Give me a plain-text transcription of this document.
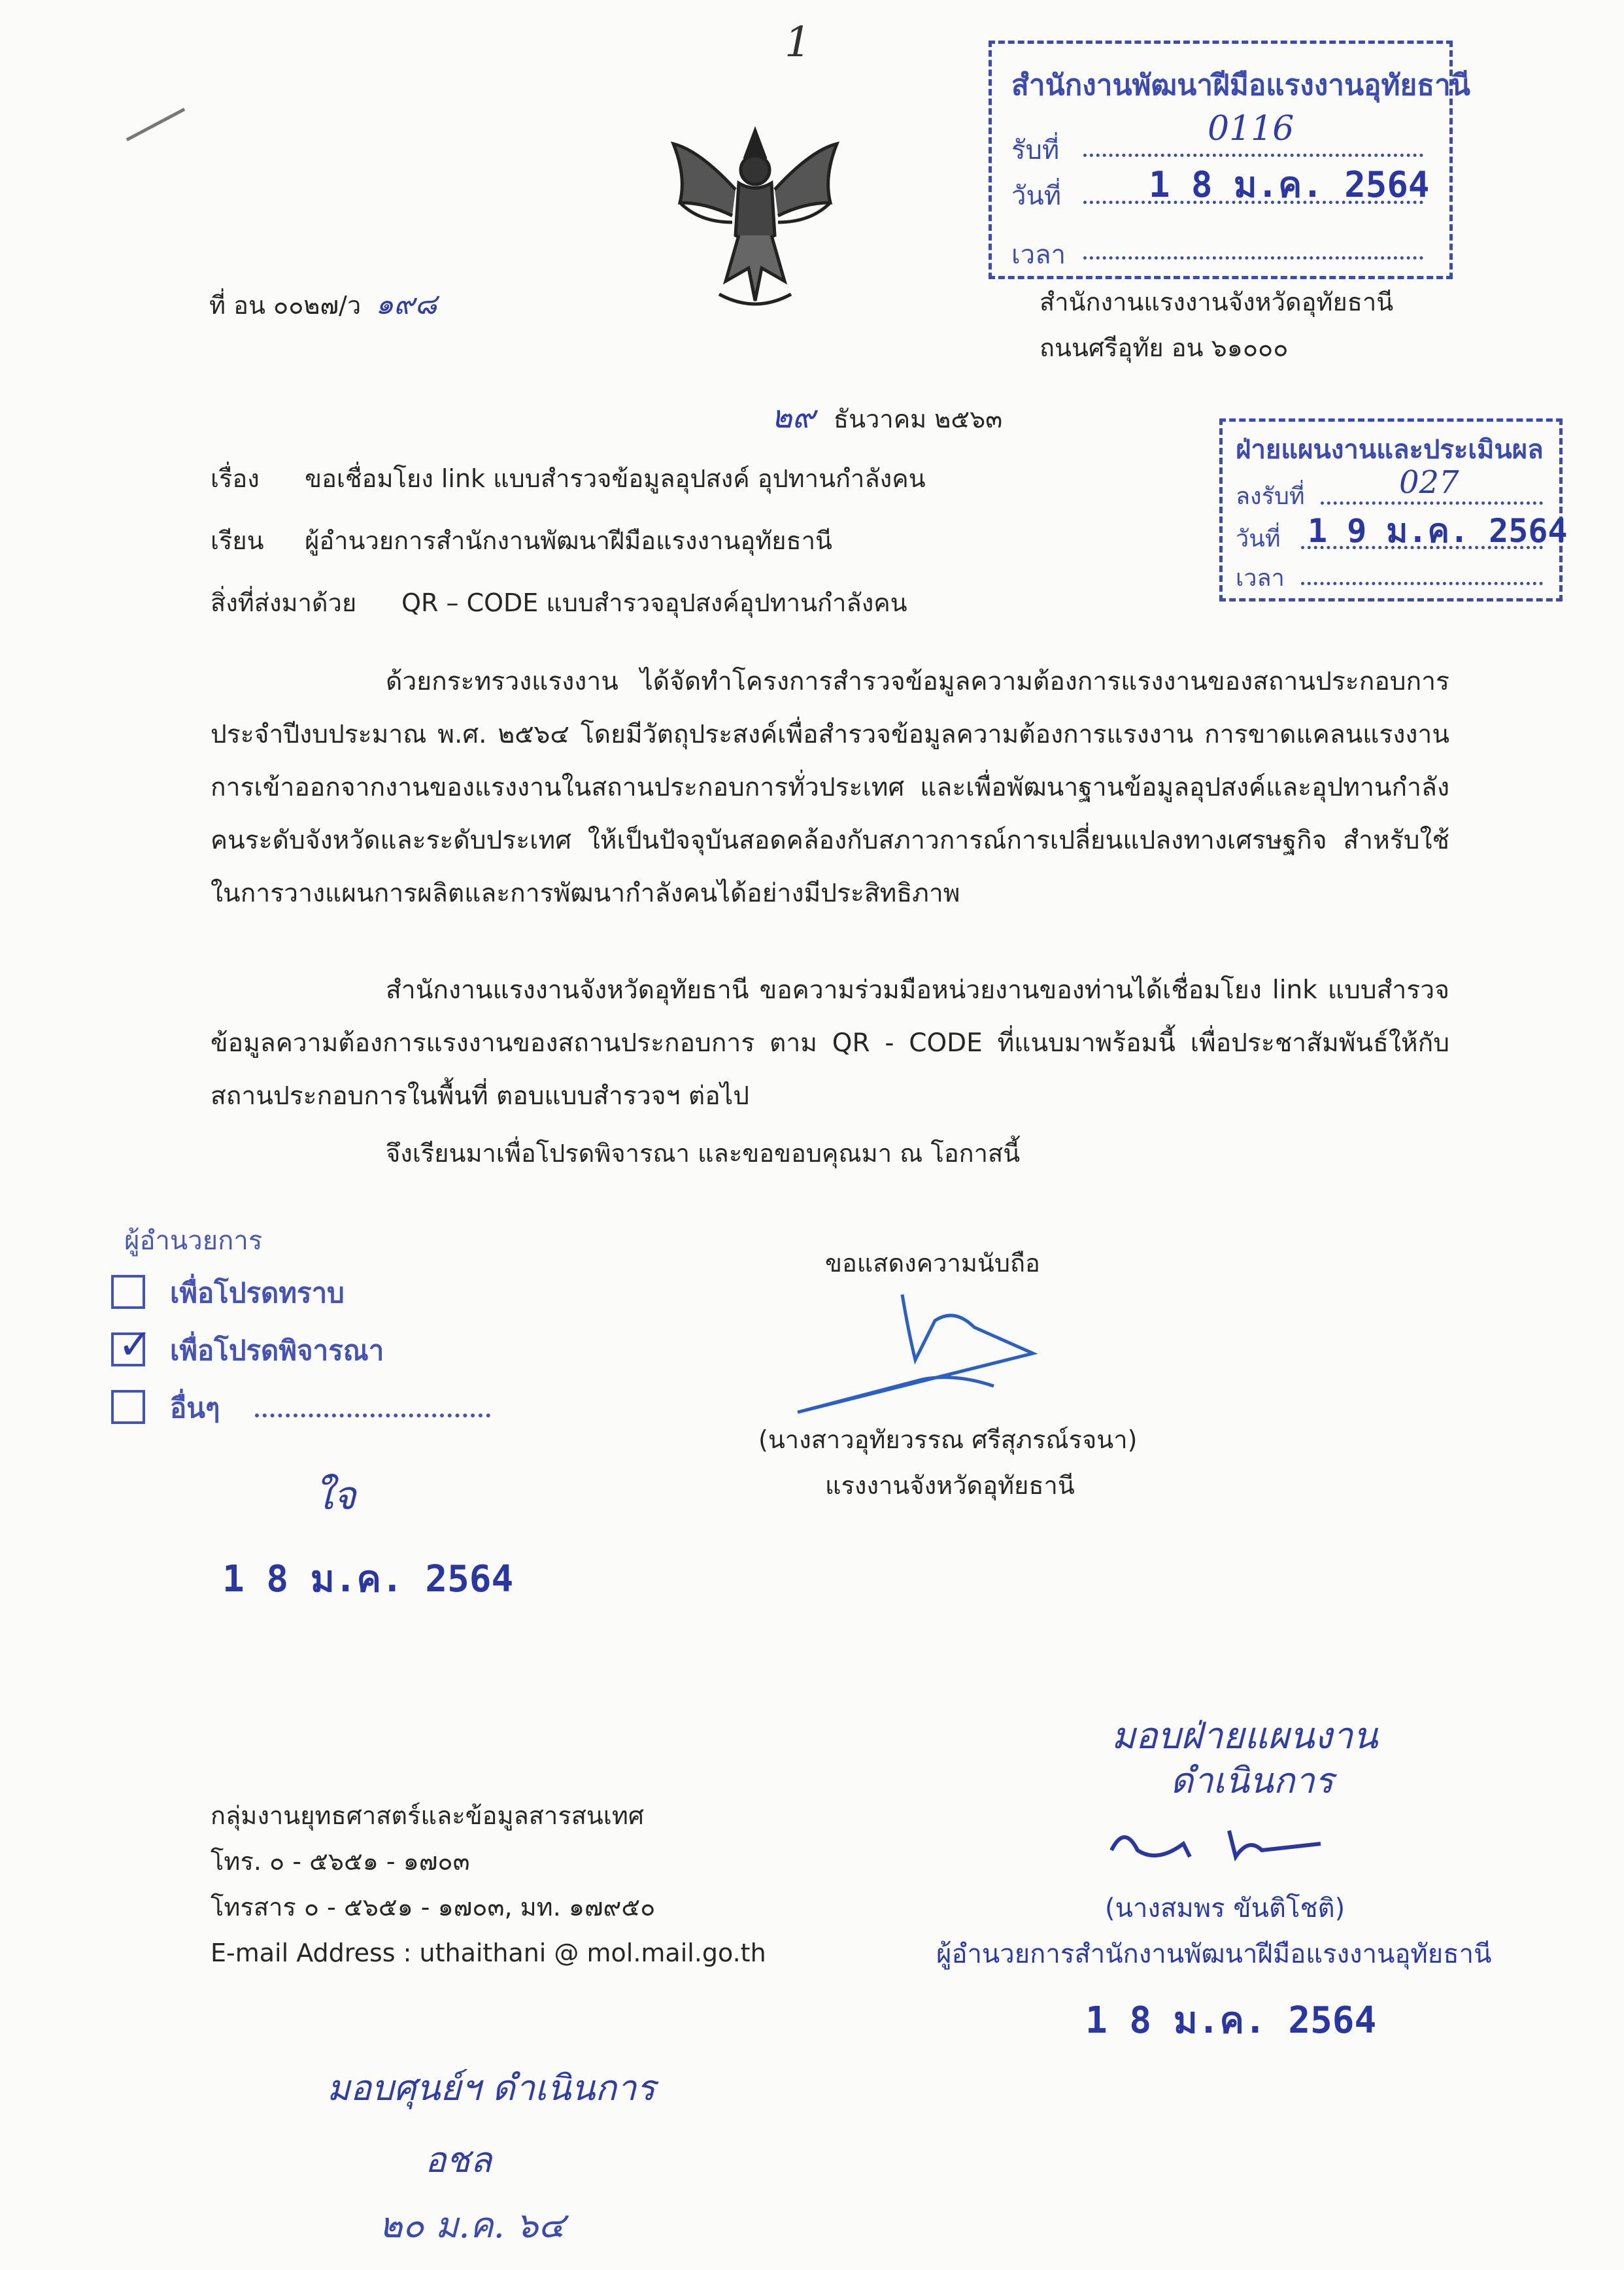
1
ที่ อน ๐๐๒๗/ว ๑๙๘	สำนักงานแรงงานจังหวัดอุทัยธานี
ถนนศรีอุทัย อน ๖๑๐๐๐
๒๙ ธันวาคม ๒๕๖๓
เรื่อง ขอเชื่อมโยง link แบบสำรวจข้อมูลอุปสงค์ อุปทานกำลังคน
เรียน ผู้อำนวยการสำนักงานพัฒนาฝีมือแรงงานอุทัยธานี
สิ่งที่ส่งมาด้วย QR – CODE แบบสำรวจอุปสงค์อุปทานกำลังคน

ด้วยกระทรวงแรงงาน ได้จัดทำโครงการสำรวจข้อมูลความต้องการแรงงานของสถานประกอบการ ประจำปีงบประมาณ พ.ศ. ๒๕๖๔ โดยมีวัตถุประสงค์เพื่อสำรวจข้อมูลความต้องการแรงงาน การขาดแคลนแรงงาน การเข้าออกจากงานของแรงงานในสถานประกอบการทั่วประเทศ และเพื่อพัฒนาฐานข้อมูลอุปสงค์และอุปทานกำลังคนระดับจังหวัดและระดับประเทศ ให้เป็นปัจจุบันสอดคล้องกับสภาวการณ์การเปลี่ยนแปลงทางเศรษฐกิจ สำหรับใช้ในการวางแผนการผลิตและการพัฒนากำลังคนได้อย่างมีประสิทธิภาพ

สำนักงานแรงงานจังหวัดอุทัยธานี ขอความร่วมมือหน่วยงานของท่านได้เชื่อมโยง link แบบสำรวจข้อมูลความต้องการแรงงานของสถานประกอบการ ตาม QR - CODE ที่แนบมาพร้อมนี้ เพื่อประชาสัมพันธ์ให้กับสถานประกอบการในพื้นที่ ตอบแบบสำรวจฯ ต่อไป

จึงเรียนมาเพื่อโปรดพิจารณา และขอขอบคุณมา ณ โอกาสนี้
ขอแสดงความนับถือ
(นางสาวอุทัยวรรณ ศรีสุภรณ์รจนา)
แรงงานจังหวัดอุทัยธานี
กลุ่มงานยุทธศาสตร์และข้อมูลสารสนเทศ
โทร. ๐ - ๕๖๕๑ - ๑๗๐๓
โทรสาร ๐ - ๕๖๕๑ - ๑๗๐๓, มท. ๑๗๙๕๐
E-mail Address : uthaithani @ mol.mail.go.th
สำนักงานพัฒนาฝีมือแรงงานอุทัยธานี
รับที่
0116
วันที่ 1 8 ม.ค. 2564
เวลา
ฝ่ายแผนงานและประเมินผล
ลงรับที่	027
วันที่ 1 9 ม.ค. 2564
เวลา
ผู้อำนวยการ
เพื่อโปรดทราบ
✓ เพื่อโปรดพิจารณา
อื่นๆ
ใจ
1 8 ม.ค. 2564
มอบฝ่ายแผนงาน
ดำเนินการ
(นางสมพร ขันติโชติ)
ผู้อำนวยการสำนักงานพัฒนาฝีมือแรงงานอุทัยธานี
1 8 ม.ค. 2564
มอบศุนย์ฯ ดำเนินการ
อชล
๒๐ ม.ค. ๖๔
